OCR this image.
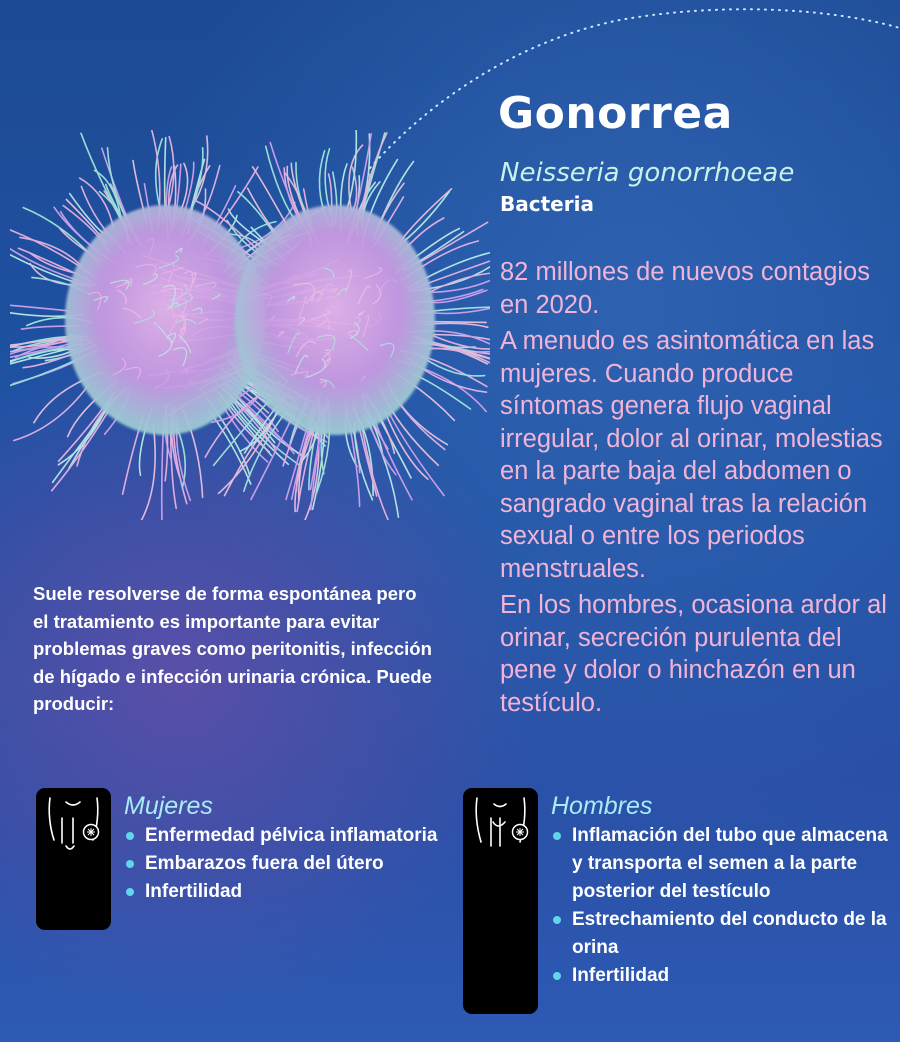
Gonorrea
Neisseria gonorrhoeae
Bacteria

82 millones de nuevos contagios en 2020.

A menudo es asintomática en las mujeres. Cuando produce síntomas genera flujo vaginal irregular, dolor al orinar, molestias en la parte baja del abdomen o sangrado vaginal tras la relación sexual o entre los periodos menstruales.

En los hombres, ocasiona ardor al orinar, secreción purulenta del pene y dolor o hinchazón en un testículo.

Suele resolverse de forma espontánea pero el tratamiento es importante para evitar problemas graves como peritonitis, infección de hígado e infección urinaria crónica. Puede producir:
Mujeres
Enfermedad pélvica inflamatoria
Embarazos fuera del útero
Infertilidad
Hombres
Inflamación del tubo que almacena y transporta el semen a la parte posterior del testículo
Estrechamiento del conducto de la orina
Infertilidad
